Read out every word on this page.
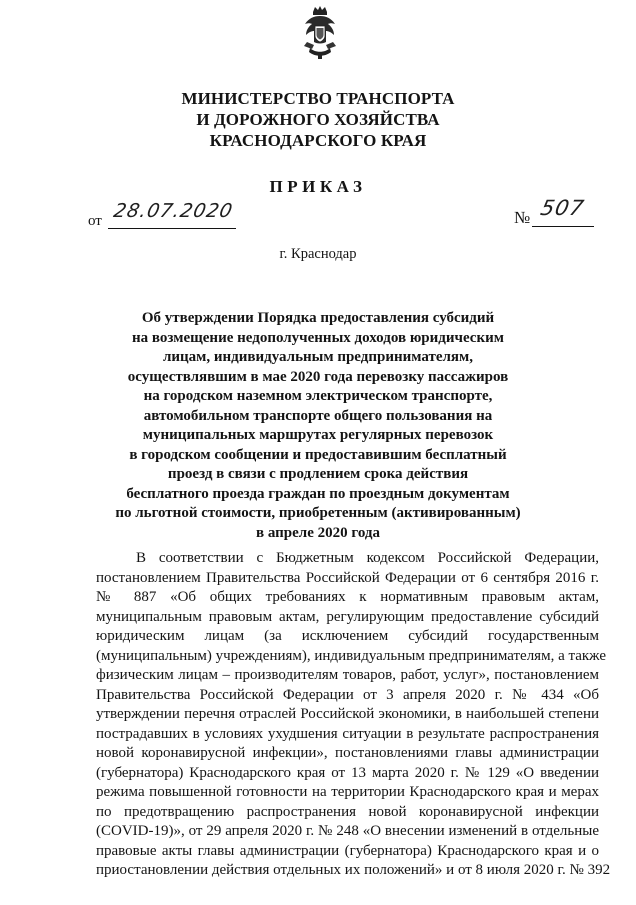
МИНИСТЕРСТВО ТРАНСПОРТА
И ДОРОЖНОГО ХОЗЯЙСТВА
КРАСНОДАРСКОГО КРАЯ
ПРИКАЗ
от 28.07.2020	№ 507
г. Краснодар
Об утверждении Порядка предоставления субсидий
на возмещение недополученных доходов юридическим
лицам, индивидуальным предпринимателям,
осуществлявшим в мае 2020 года перевозку пассажиров
на городском наземном электрическом транспорте,
автомобильном транспорте общего пользования на
муниципальных маршрутах регулярных перевозок
в городском сообщении и предоставившим бесплатный
проезд в связи с продлением срока действия
бесплатного проезда граждан по проездным документам
по льготной стоимости, приобретенным (активированным)
в апреле 2020 года
В соответствии с Бюджетным кодексом Российской Федерации,
постановлением Правительства Российской Федерации от 6 сентября 2016 г.
№ 887 «Об общих требованиях к нормативным правовым актам,
муниципальным правовым актам, регулирующим предоставление субсидий
юридическим лицам (за исключением субсидий государственным
(муниципальным) учреждениям), индивидуальным предпринимателям, а также
физическим лицам – производителям товаров, работ, услуг», постановлением
Правительства Российской Федерации от 3 апреля 2020 г. № 434 «Об
утверждении перечня отраслей Российской экономики, в наибольшей степени
пострадавших в условиях ухудшения ситуации в результате распространения
новой коронавирусной инфекции», постановлениями главы администрации
(губернатора) Краснодарского края от 13 марта 2020 г. № 129 «О введении
режима повышенной готовности на территории Краснодарского края и мерах
по предотвращению распространения новой коронавирусной инфекции
(COVID-19)», от 29 апреля 2020 г. № 248 «О внесении изменений в отдельные
правовые акты главы администрации (губернатора) Краснодарского края и о
приостановлении действия отдельных их положений» и от 8 июля 2020 г. № 392
